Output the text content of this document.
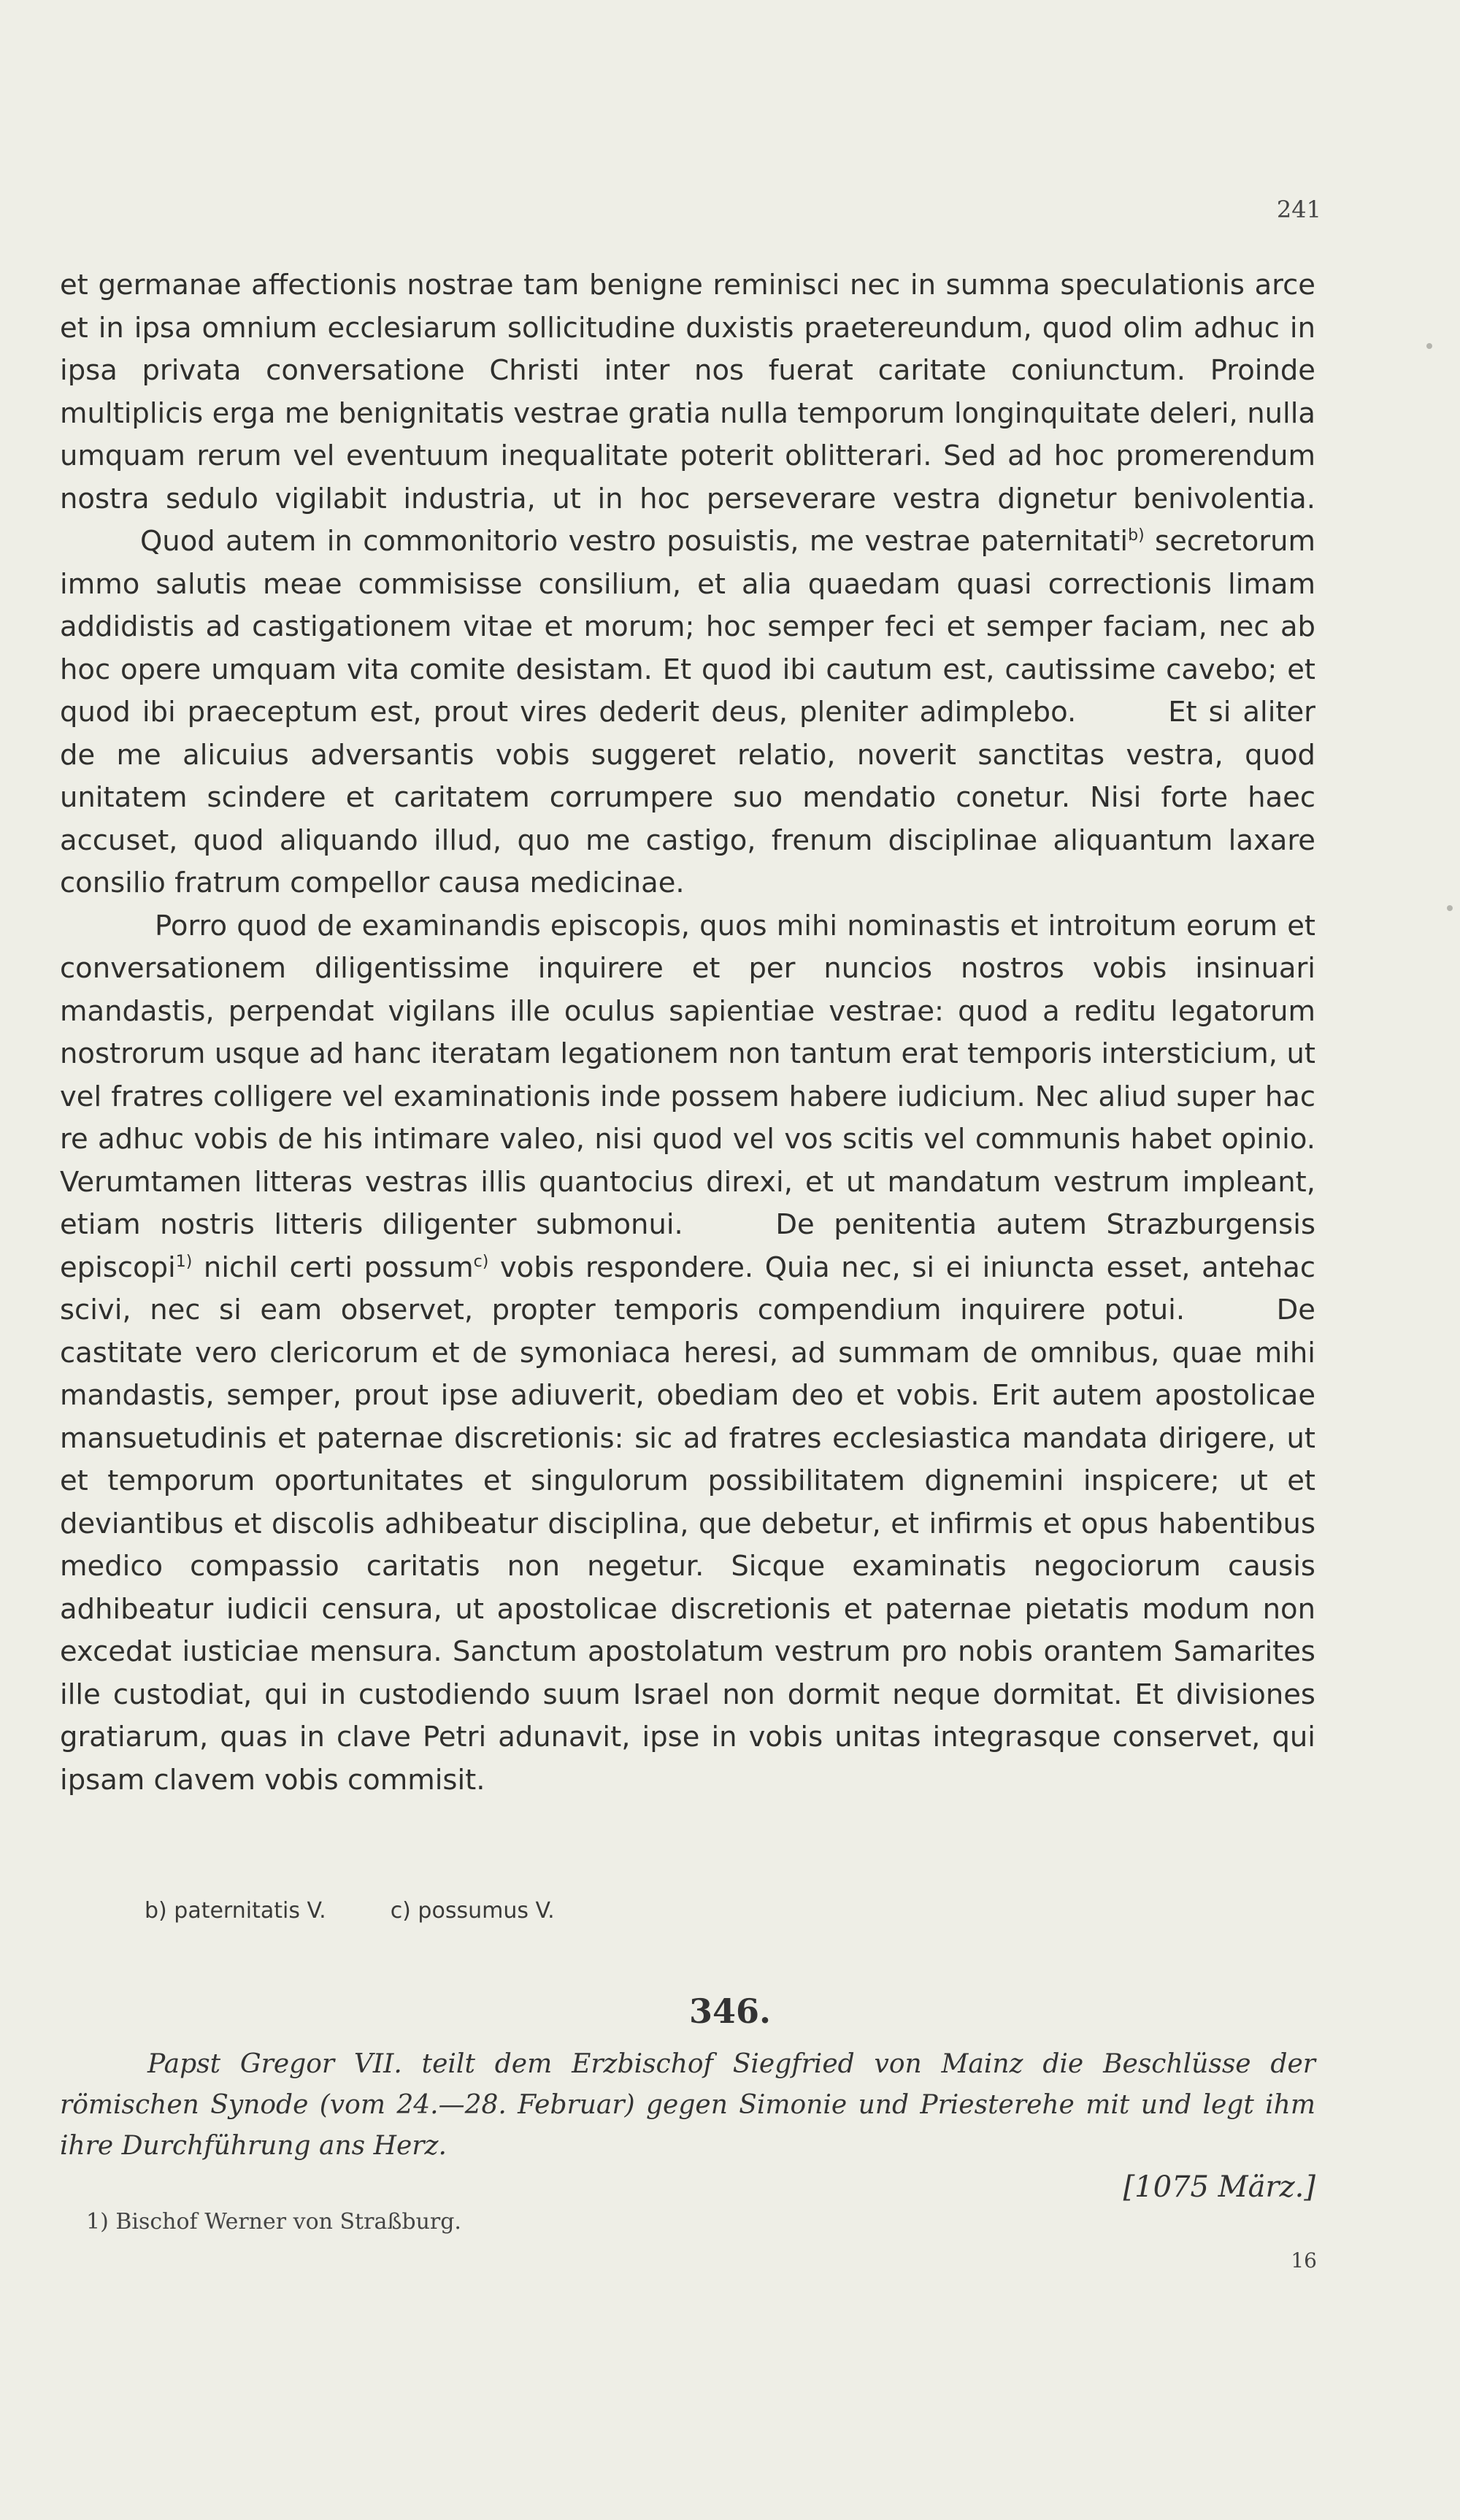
241

et germanae affectionis nostrae tam benigne reminisci nec in summa speculationis arce et in ipsa omnium ecclesiarum sollicitudine duxistis praetereundum, quod olim adhuc in ipsa privata conversatione Christi inter nos fuerat caritate coniunctum. Proinde multiplicis erga me benignitatis vestrae gratia nulla temporum longinquitate deleri, nulla umquam rerum vel eventuum inequalitate poterit oblitterari. Sed ad hoc promerendum nostra sedulo vigilabit industria, ut in hoc perseverare vestra dignetur benivolentia. Quod autem in commonitorio vestro posuistis, me vestrae paternitati$^{b)}$ secretorum immo salutis meae commisisse consilium, et alia quaedam quasi correctionis limam addidistis ad castigationem vitae et morum; hoc semper feci et semper faciam, nec ab hoc opere umquam vita comite desistam. Et quod ibi cautum est, cautissime cavebo; et quod ibi praeceptum est, prout vires dederit deus, pleniter adimplebo.	Et si aliter de me alicuius adversantis vobis suggeret relatio, noverit sanctitas vestra, quod unitatem scindere et caritatem corrumpere suo mendatio conetur. Nisi forte haec accuset, quod aliquando illud, quo me castigo, frenum disciplinae aliquantum laxare consilio fratrum compellor causa medicinae.

Porro quod de examinandis episcopis, quos mihi nominastis et introitum eorum et conversationem diligentissime inquirere et per nuncios nostros vobis insinuari mandastis, perpendat vigilans ille oculus sapientiae vestrae: quod a reditu legatorum nostrorum usque ad hanc iteratam legationem non tantum erat temporis intersticium, ut vel fratres colligere vel examinationis inde possem habere iudicium. Nec aliud super hac re adhuc vobis de his intimare valeo, nisi quod vel vos scitis vel communis habet opinio. Verumtamen litteras vestras illis quantocius direxi, et ut mandatum vestrum impleant, etiam nostris litteris diligenter submonui.	De penitentia autem Strazburgensis episcopi$^{1)}$ nichil certi possum$^{c)}$ vobis respondere. Quia nec, si ei iniuncta esset, antehac scivi, nec si eam observet, propter temporis compendium inquirere potui.	De castitate vero clericorum et de symoniaca heresi, ad summam de omnibus, quae mihi mandastis, semper, prout ipse adiuverit, obediam deo et vobis. Erit autem apostolicae mansuetudinis et paternae discretionis: sic ad fratres ecclesiastica mandata dirigere, ut et temporum oportunitates et singulorum possibilitatem dignemini inspicere; ut et deviantibus et discolis adhibeatur disciplina, que debetur, et infirmis et opus habentibus medico compassio caritatis non negetur. Sicque examinatis negociorum causis adhibeatur iudicii censura, ut apostolicae discretionis et paternae pietatis modum non excedat iusticiae mensura. Sanctum apostolatum vestrum pro nobis orantem Samarites ille custodiat, qui in custodiendo suum Israel non dormit neque dormitat. Et divisiones gratiarum, quas in clave Petri adunavit, ipse in vobis unitas integrasque conservet, qui ipsam clavem vobis commisit.

b) paternitatis V.	c) possumus V.
346.

Papst Gregor VII. teilt dem Erzbischof Siegfried von Mainz die Beschlüsse der römischen Synode (vom 24.—28. Februar) gegen Simonie und Priesterehe mit und legt ihm ihre Durchführung ans Herz.

[1075 März.]
1) Bischof Werner von Straßburg.
16
